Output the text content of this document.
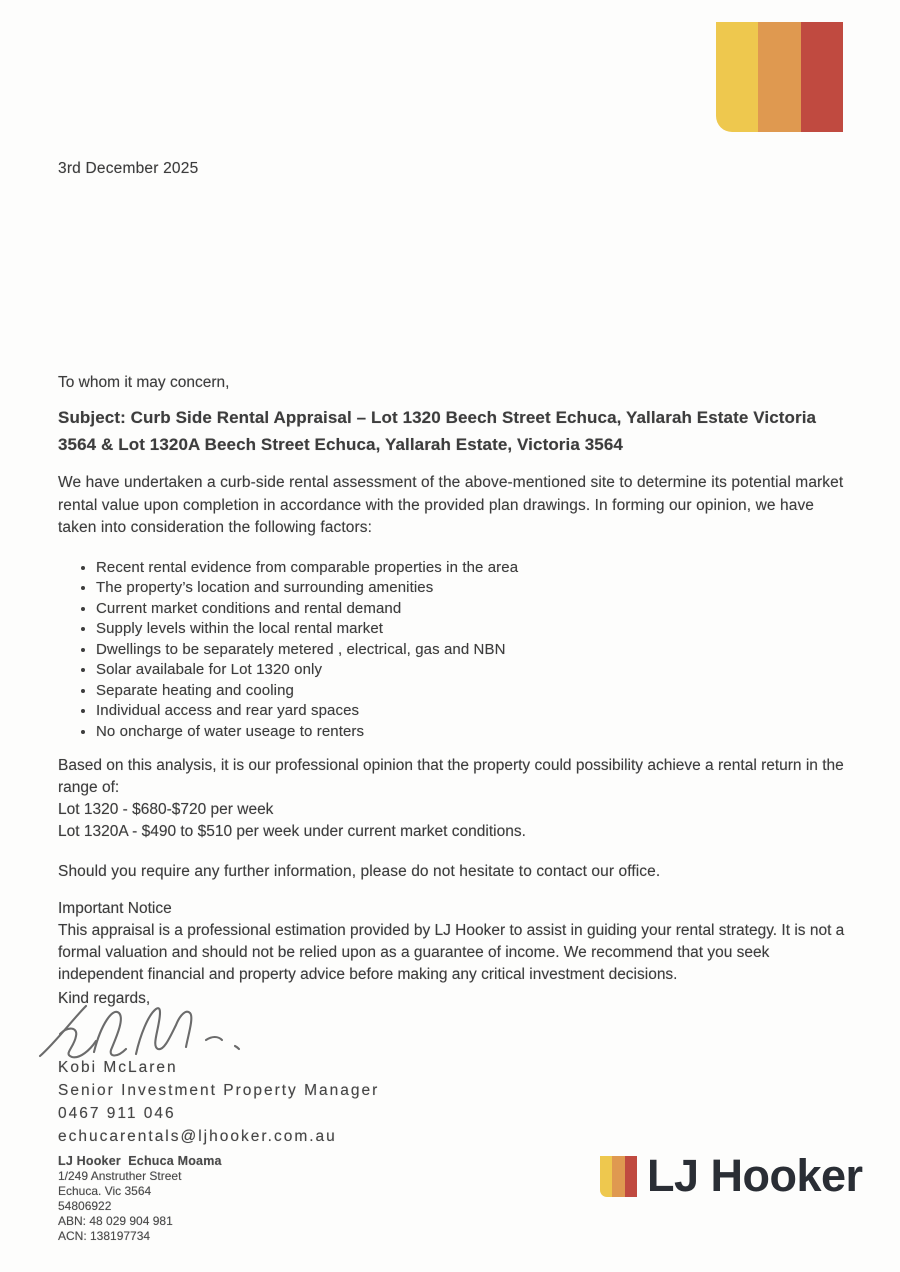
3rd December 2025
To whom it may concern,
Subject: Curb Side Rental Appraisal – Lot 1320 Beech Street Echuca, Yallarah Estate Victoria 3564 & Lot 1320A Beech Street Echuca, Yallarah Estate, Victoria 3564
We have undertaken a curb-side rental assessment of the above-mentioned site to determine its potential market rental value upon completion in accordance with the provided plan drawings. In forming our opinion, we have taken into consideration the following factors:
• Recent rental evidence from comparable properties in the area
• The property’s location and surrounding amenities
• Current market conditions and rental demand
• Supply levels within the local rental market
• Dwellings to be separately metered , electrical, gas and NBN
• Solar availabale for Lot 1320 only
• Separate heating and cooling
• Individual access and rear yard spaces
• No oncharge of water useage to renters
Based on this analysis, it is our professional opinion that the property could possibility achieve a rental return in the range of:
Lot 1320 - $680-$720 per week
Lot 1320A - $490 to $510 per week under current market conditions.
Should you require any further information, please do not hesitate to contact our office.
Important Notice
This appraisal is a professional estimation provided by LJ Hooker to assist in guiding your rental strategy. It is not a formal valuation and should not be relied upon as a guarantee of income. We recommend that you seek independent financial and property advice before making any critical investment decisions.
Kind regards,
Kobi McLaren
Senior Investment Property Manager
0467 911 046
echucarentals@ljhooker.com.au
LJ Hooker  Echuca Moama
1/249 Anstruther Street
Echuca. Vic 3564
54806922
ABN: 48 029 904 981
ACN: 138197734
LJ Hooker
